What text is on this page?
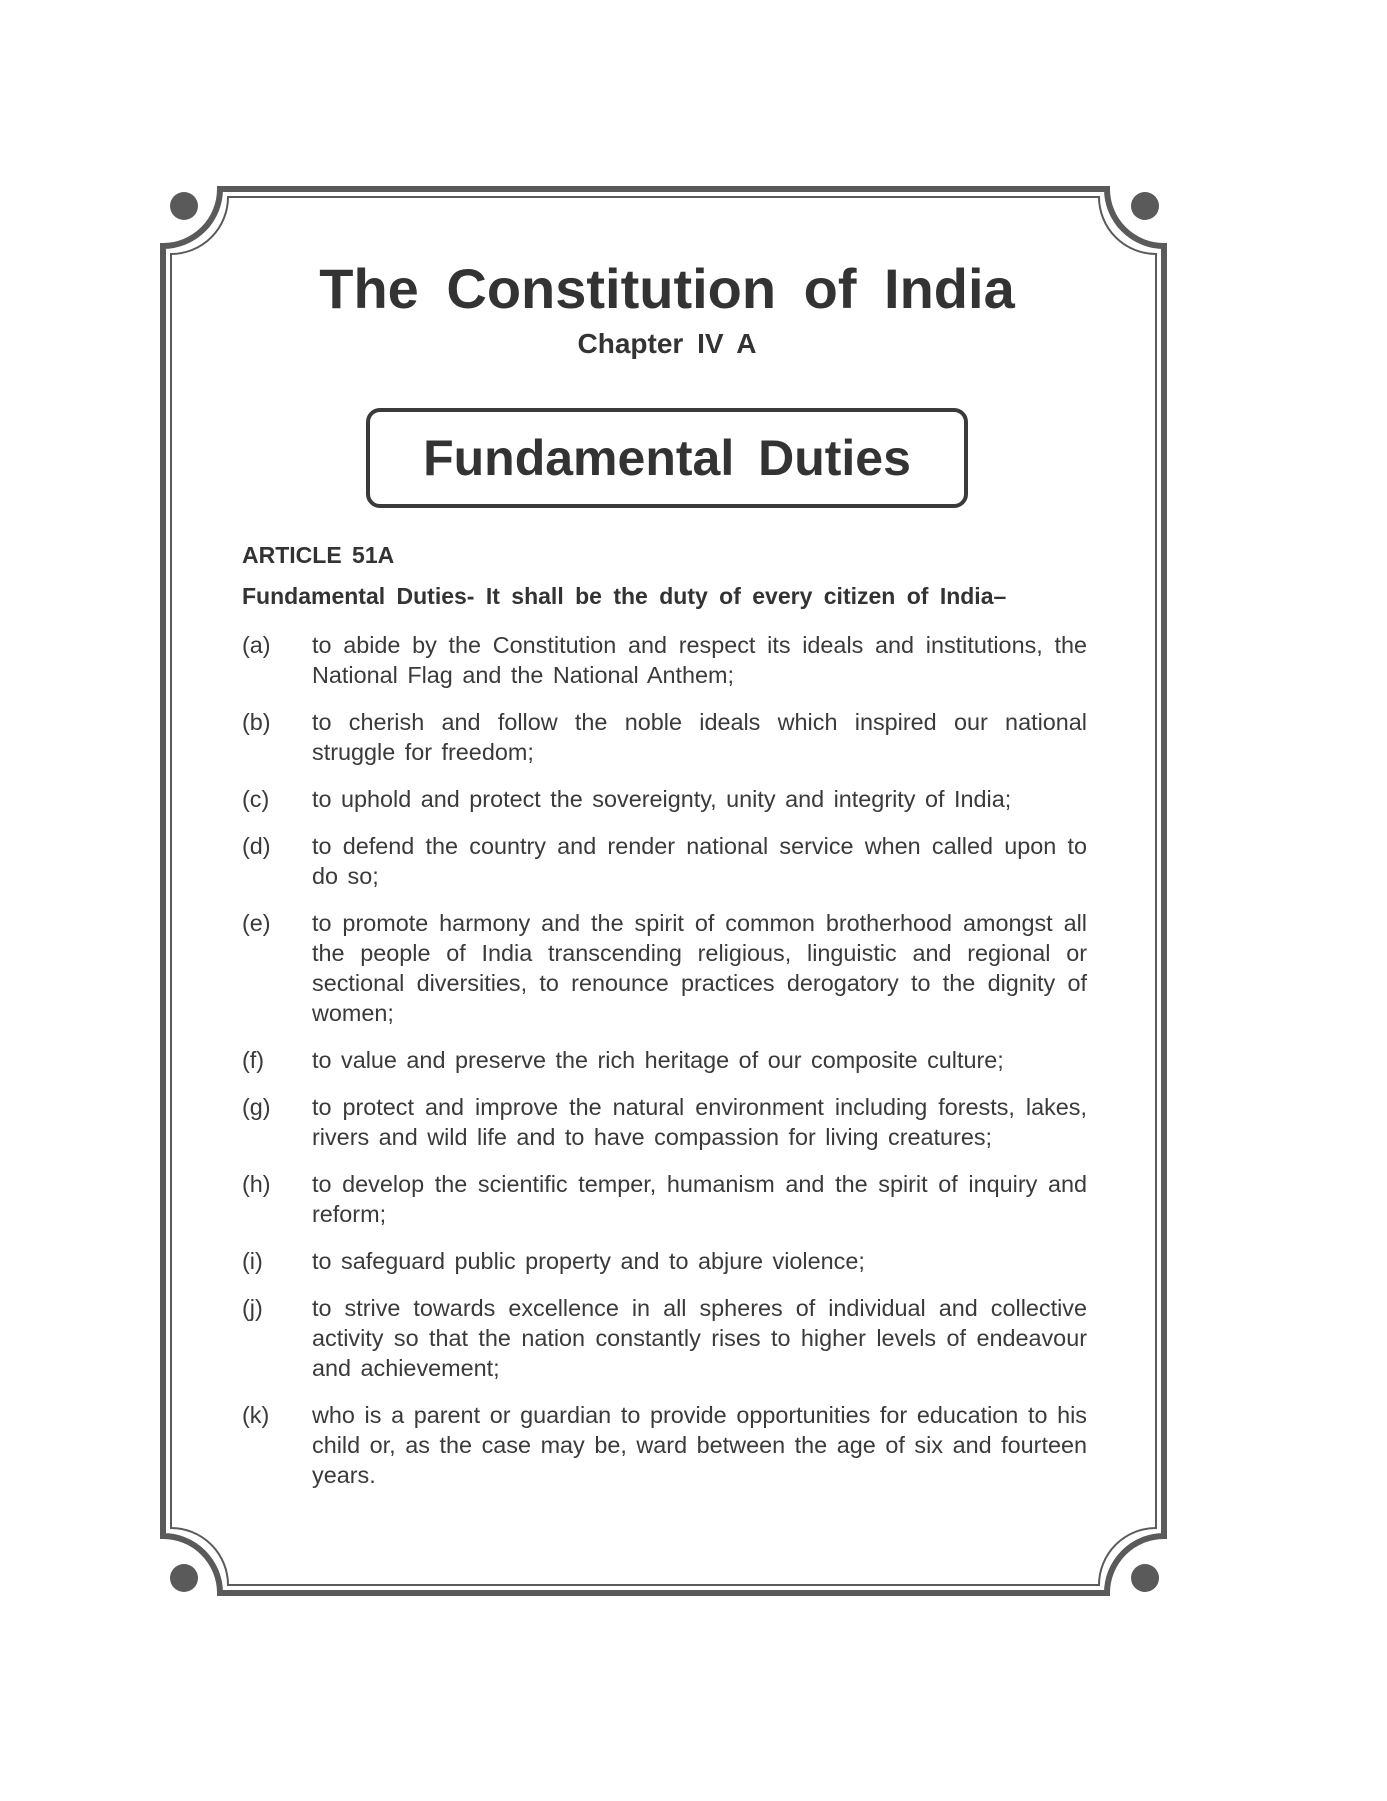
The Constitution of India
Chapter IV A
Fundamental Duties
ARTICLE 51A
Fundamental Duties- It shall be the duty of every citizen of India–
(a)	to abide by the Constitution and respect its ideals and institutions, the National Flag and the National Anthem;
(b)	to cherish and follow the noble ideals which inspired our national struggle for freedom;
(c)	to uphold and protect the sovereignty, unity and integrity of India;
(d)	to defend the country and render national service when called upon to do so;
(e)	to promote harmony and the spirit of common brotherhood amongst all the people of India transcending religious, linguistic and regional or sectional diversities, to renounce practices derogatory to the dignity of women;
(f)	to value and preserve the rich heritage of our composite culture;
(g)	to protect and improve the natural environment including forests, lakes, rivers and wild life and to have compassion for living creatures;
(h)	to develop the scientific temper, humanism and the spirit of inquiry and reform;
(i)	to safeguard public property and to abjure violence;
(j)	to strive towards excellence in all spheres of individual and collective activity so that the nation constantly rises to higher levels of endeavour and achievement;
(k)	who is a parent or guardian to provide opportunities for education to his child or, as the case may be, ward between the age of six and fourteen years.
